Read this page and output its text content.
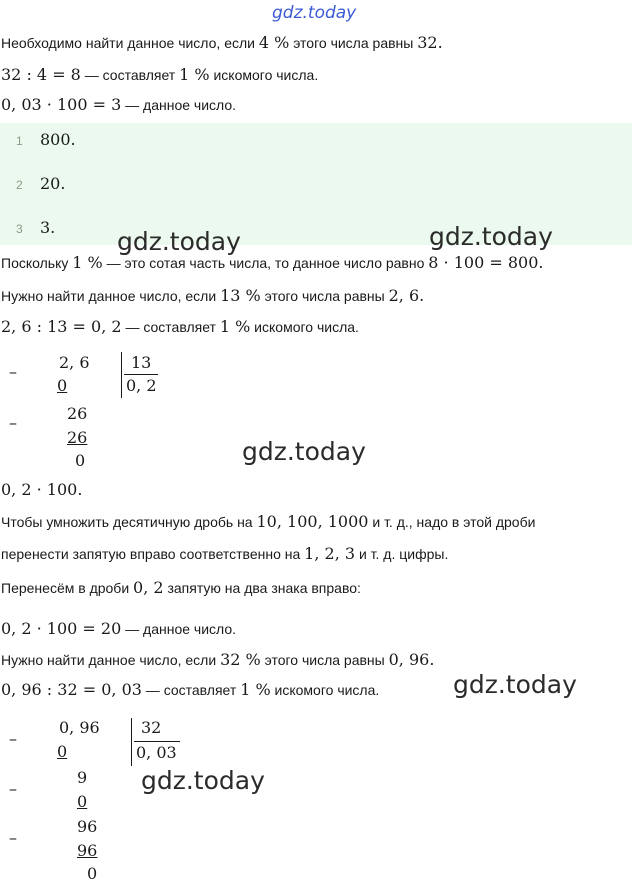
gdz.today
Необходимо найти данное число, если 4 % этого числа равны 32.
32 : 4 = 8 — составляет 1 % искомого числа.
0, 03 · 100 = 3 — данное число.
1 800.
2 20.
3 3.
Поскольку 1 % — это сотая часть числа, то данное число равно 8 · 100 = 800.
Нужно найти данное число, если 13 % этого числа равны 2, 6.
2, 6 : 13 = 0, 2 — составляет 1 % искомого числа.
–	2, 6
0
13
0, 2
–	26
26
0
0, 2 · 100.
Чтобы умножить десятичную дробь на 10, 100, 1000 и т. д., надо в этой дроби
перенести запятую вправо соответственно на 1, 2, 3 и т. д. цифры.
Перенесём в дроби 0, 2 запятую на два знака вправо:
0, 2 · 100 = 20 — данное число.
Нужно найти данное число, если 32 % этого числа равны 0, 96.
0, 96 : 32 = 0, 03 — составляет 1 % искомого числа.
–
0, 96
0
32
0, 03
–
9
0
–
96
96
0
gdz.today	gdz.today
gdz.today
gdz.today
gdz.today
